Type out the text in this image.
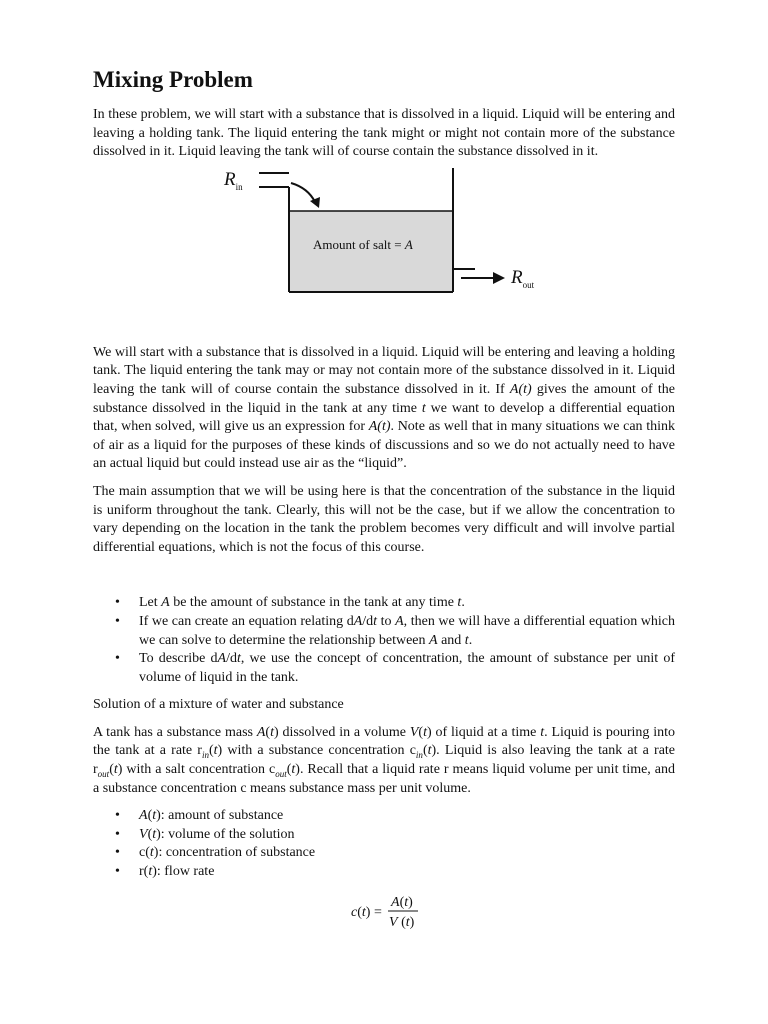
Mixing Problem

In these problem, we will start with a substance that is dissolved in a liquid. Liquid will be entering and leaving a holding tank. The liquid entering the tank might or might not contain more of the substance dissolved in it. Liquid leaving the tank will of course contain the substance dissolved in it.

$R_{in}$
Amount of salt = A
$R_{out}$

We will start with a substance that is dissolved in a liquid. Liquid will be entering and leaving a holding tank. The liquid entering the tank may or may not contain more of the substance dissolved in it. Liquid leaving the tank will of course contain the substance dissolved in it. If A(t) gives the amount of the substance dissolved in the liquid in the tank at any time t we want to develop a differential equation that, when solved, will give us an expression for A(t). Note as well that in many situations we can think of air as a liquid for the purposes of these kinds of discussions and so we do not actually need to have an actual liquid but could instead use air as the “liquid”.

The main assumption that we will be using here is that the concentration of the substance in the liquid is uniform throughout the tank. Clearly, this will not be the case, but if we allow the concentration to vary depending on the location in the tank the problem becomes very difficult and will involve partial differential equations, which is not the focus of this course.

• Let A be the amount of substance in the tank at any time t.
• If we can create an equation relating dA/dt to A, then we will have a differential equation which we can solve to determine the relationship between A and t.
• To describe dA/dt, we use the concept of concentration, the amount of substance per unit of volume of liquid in the tank.

Solution of a mixture of water and substance

A tank has a substance mass A(t) dissolved in a volume V(t) of liquid at a time t. Liquid is pouring into the tank at a rate $r_{in}(t)$ with a substance concentration $c_{in}(t)$. Liquid is also leaving the tank at a rate $r_{out}(t)$ with a salt concentration $c_{out}(t)$. Recall that a liquid rate r means liquid volume per unit time, and a substance concentration c means substance mass per unit volume.

• A(t): amount of substance
• V(t): volume of the solution
• c(t): concentration of substance
• r(t): flow rate
c(t) =
A(t)
V (t)
